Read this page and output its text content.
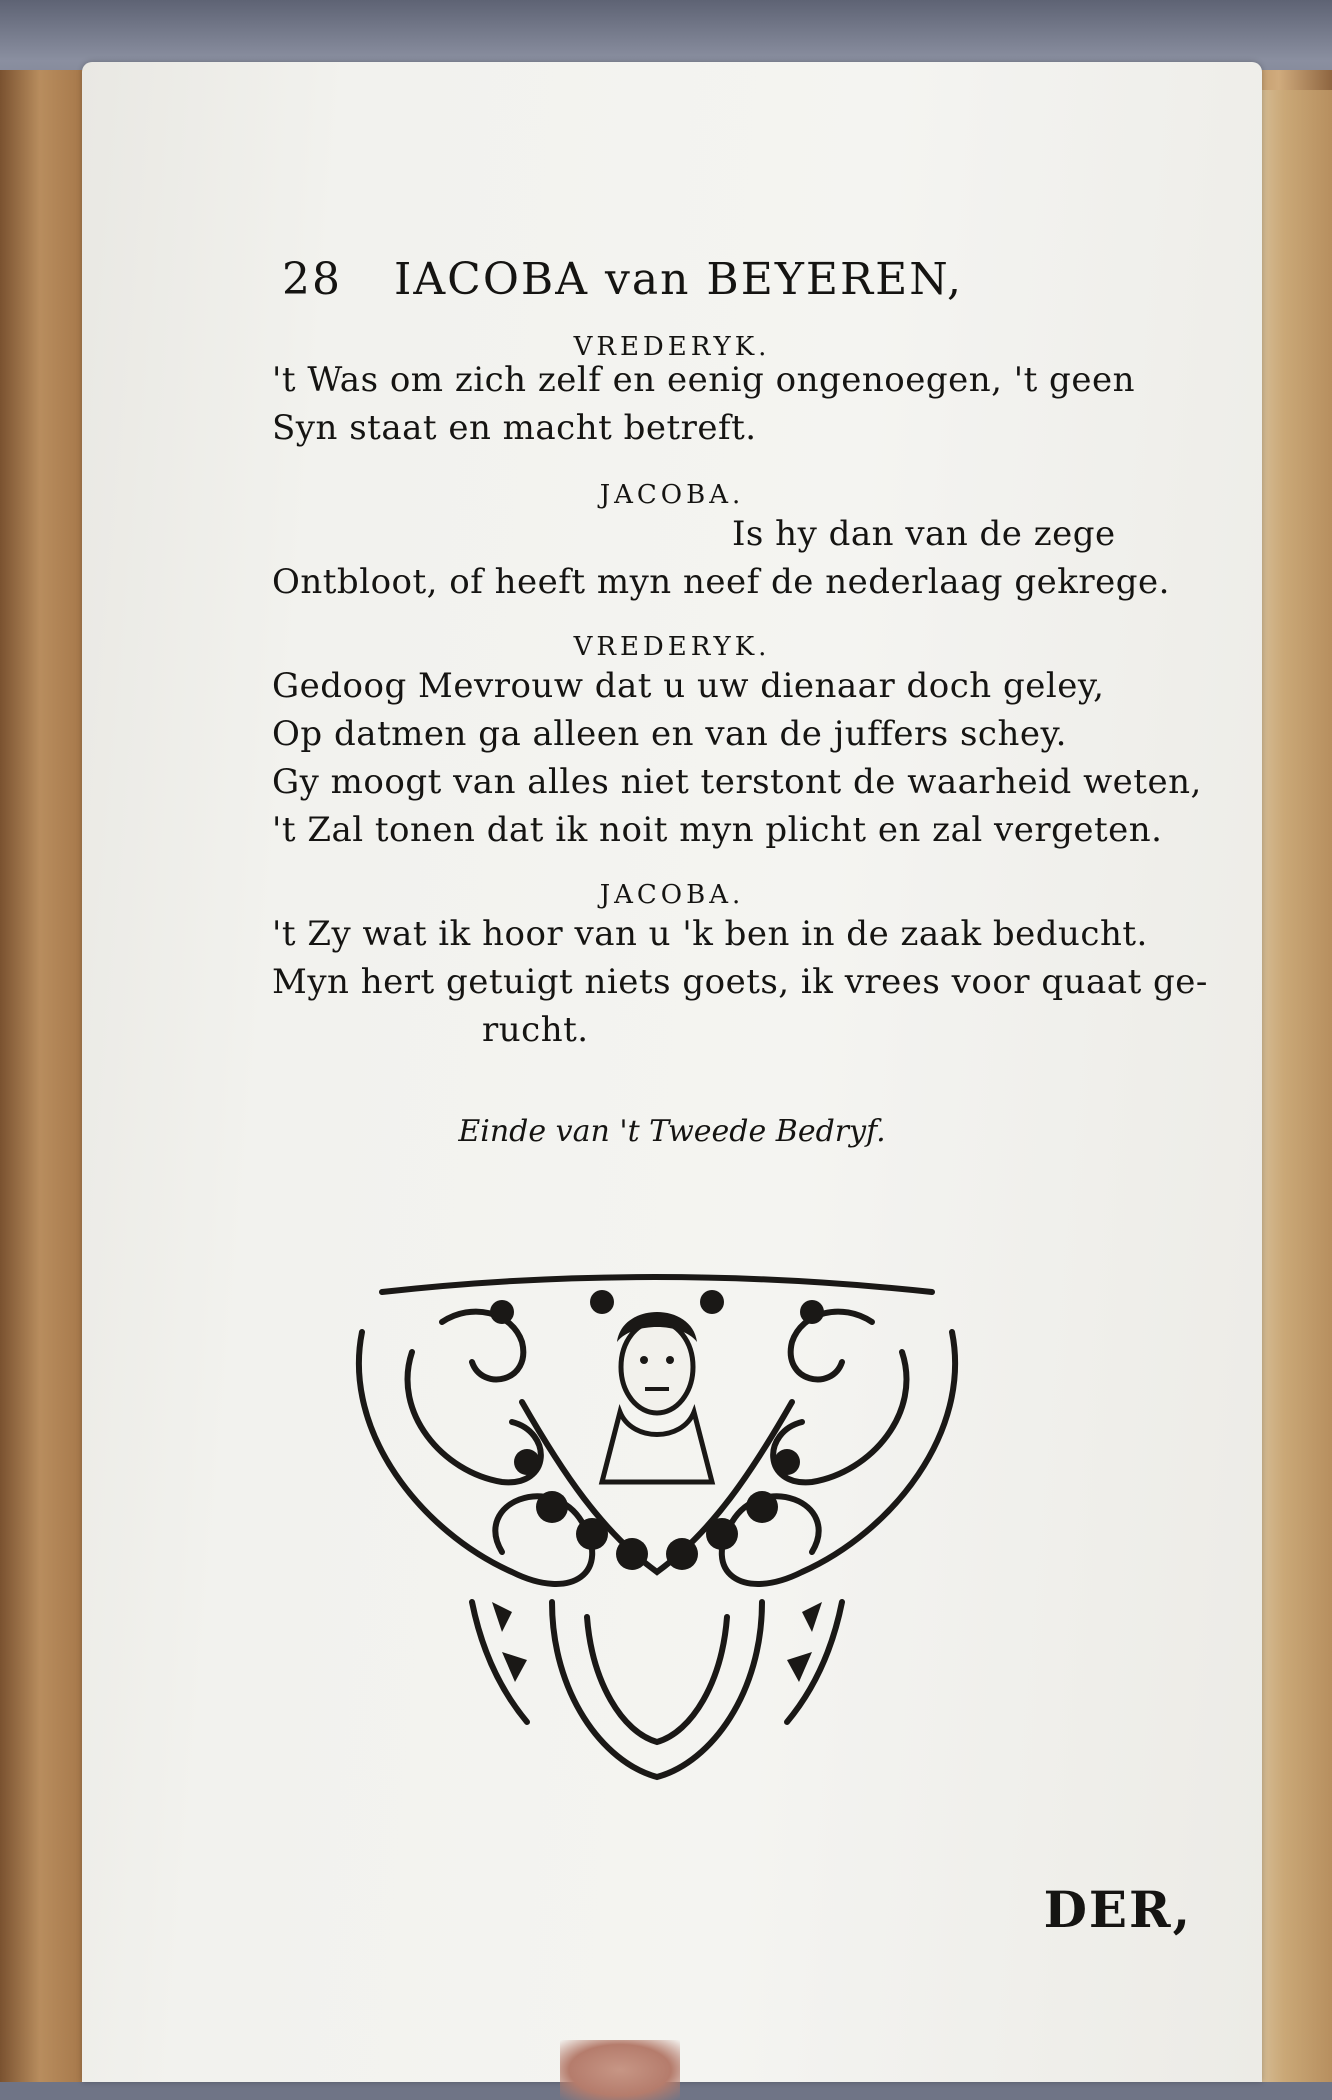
28 IACOBA van BEYEREN,
VREDERYK.
't Was om zich zelf en eenig ongenoegen, 't geen
Syn staat en macht betreft.
JACOBA.
Is hy dan van de zege
Ontbloot, of heeft myn neef de nederlaag gekrege.
VREDERYK.
Gedoog Mevrouw dat u uw dienaar doch geley,
Op datmen ga alleen en van de juffers schey.
Gy moogt van alles niet terstont de waarheid weten,
't Zal tonen dat ik noit myn plicht en zal vergeten.
JACOBA.
't Zy wat ik hoor van u 'k ben in de zaak beducht.
Myn hert getuigt niets goets, ik vrees voor quaat ge-
rucht.
Einde van 't Tweede Bedryf.
DER,
